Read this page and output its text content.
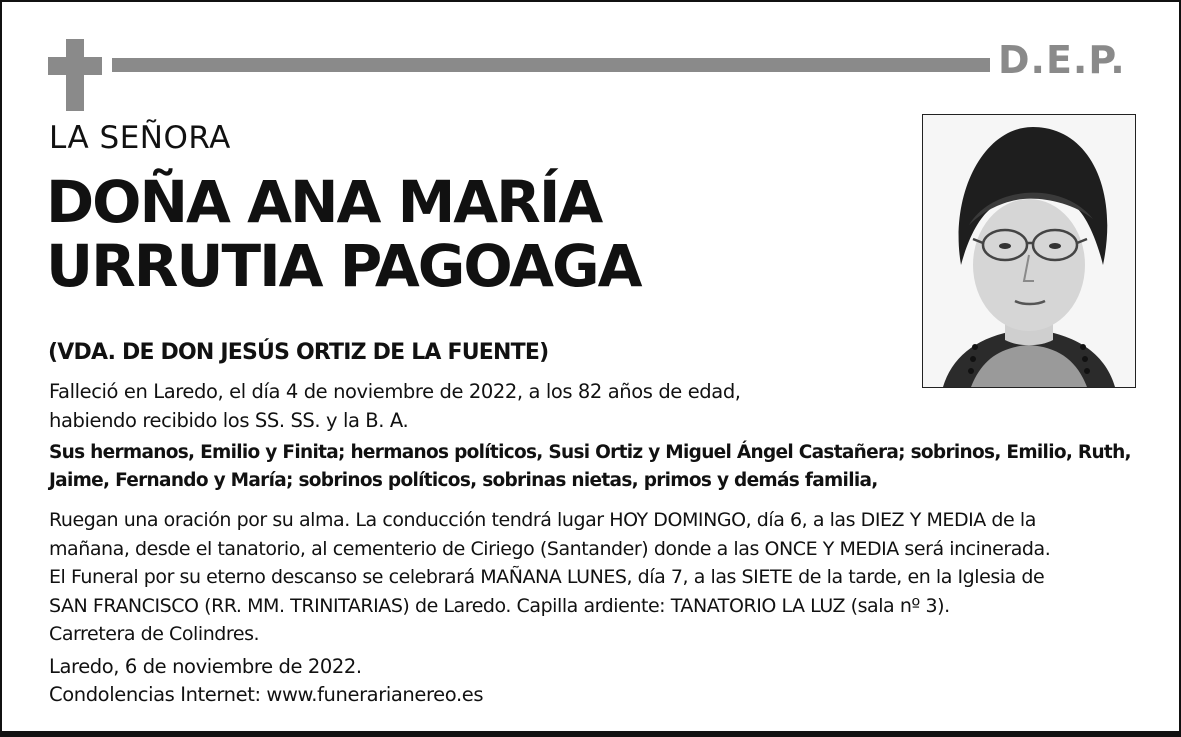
D.E.P.
LA SEÑORA
DOÑA ANA MARÍA
URRUTIA PAGOAGA
(VDA. DE DON JESÚS ORTIZ DE LA FUENTE)
Falleció en Laredo, el día 4 de noviembre de 2022, a los 82 años de edad,
habiendo recibido los SS. SS. y la B. A.
Sus hermanos, Emilio y Finita; hermanos políticos, Susi Ortiz y Miguel Ángel Castañera; sobrinos, Emilio, Ruth,
Jaime, Fernando y María; sobrinos políticos, sobrinas nietas, primos y demás familia,
Ruegan una oración por su alma. La conducción tendrá lugar HOY DOMINGO, día 6, a las DIEZ Y MEDIA de la
mañana, desde el tanatorio, al cementerio de Ciriego (Santander) donde a las ONCE Y MEDIA será incinerada.
El Funeral por su eterno descanso se celebrará MAÑANA LUNES, día 7, a las SIETE de la tarde, en la Iglesia de
SAN FRANCISCO (RR. MM. TRINITARIAS) de Laredo. Capilla ardiente: TANATORIO LA LUZ (sala nº 3).
Carretera de Colindres.
Laredo, 6 de noviembre de 2022.
Condolencias Internet: www.funerarianereo.es
